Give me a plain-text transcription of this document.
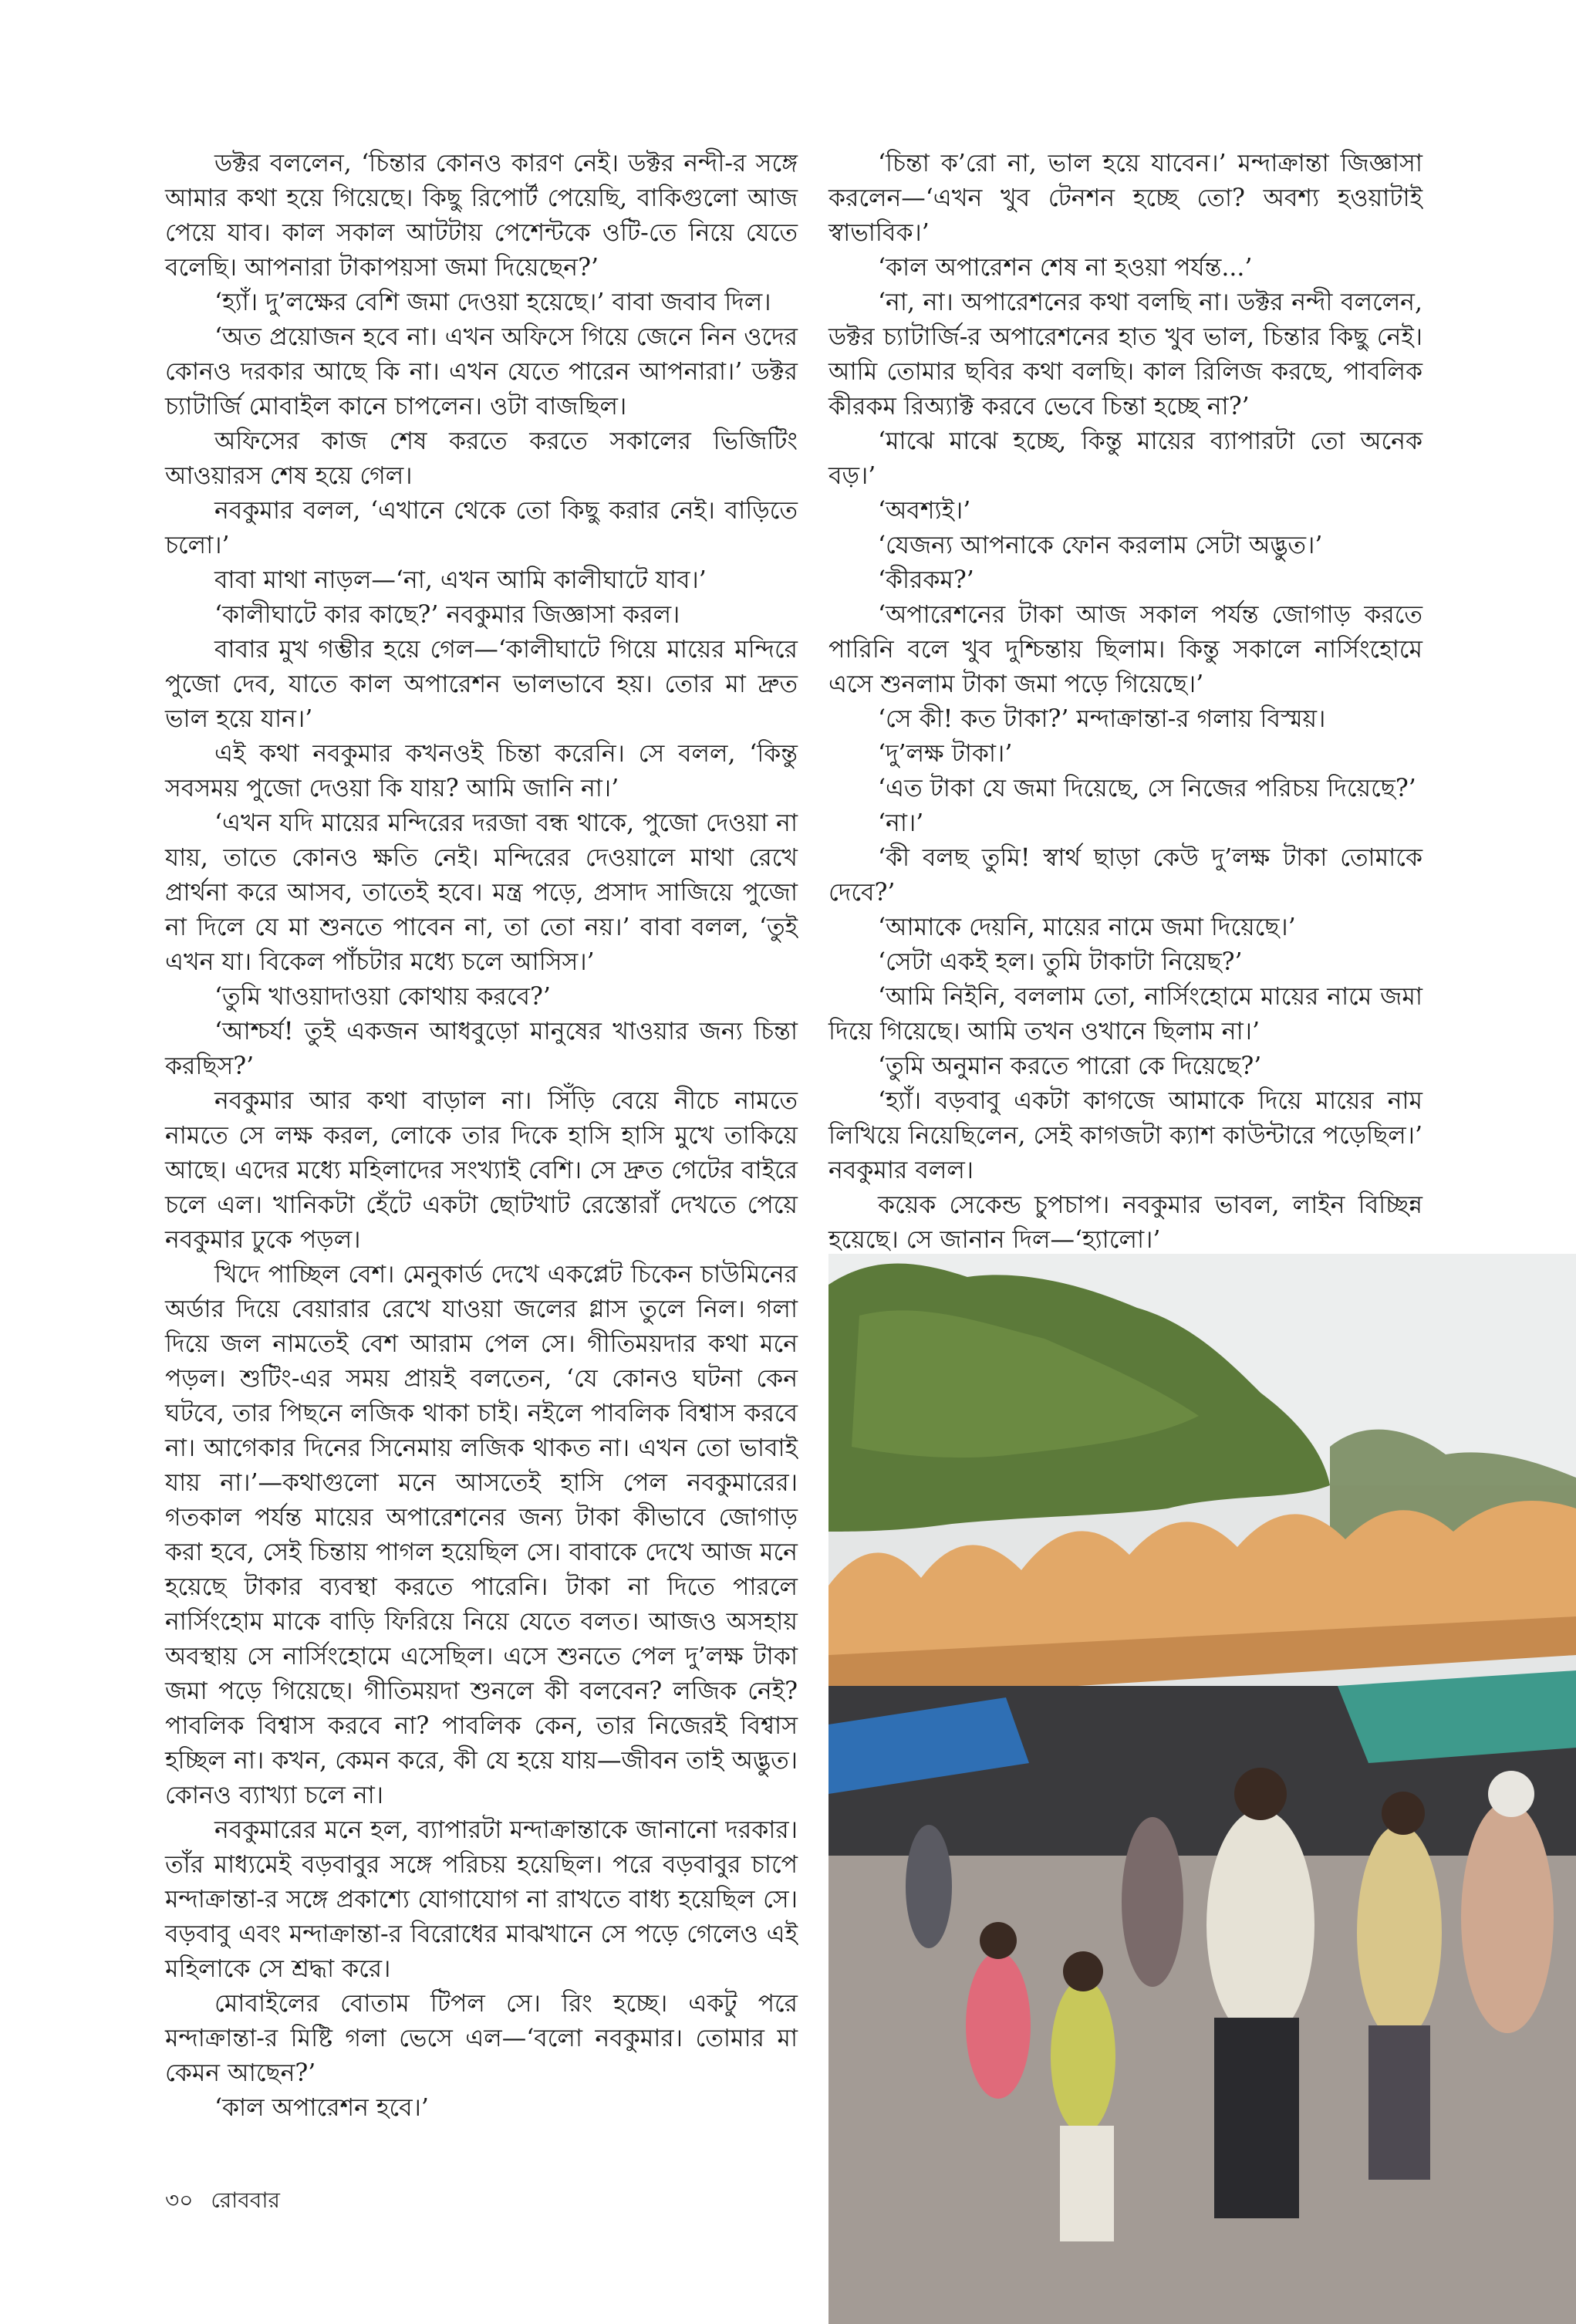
ডক্টর বললেন, ‘চিন্তার কোনও কারণ নেই। ডক্টর নন্দী-র সঙ্গে আমার কথা হয়ে গিয়েছে। কিছু রিপোর্ট পেয়েছি, বাকিগুলো আজ পেয়ে যাব। কাল সকাল আটটায় পেশেন্টকে ওটি-তে নিয়ে যেতে বলেছি। আপনারা টাকাপয়সা জমা দিয়েছেন?’

‘হ্যাঁ। দু’লক্ষের বেশি জমা দেওয়া হয়েছে।’ বাবা জবাব দিল।

‘অত প্রয়োজন হবে না। এখন অফিসে গিয়ে জেনে নিন ওদের কোনও দরকার আছে কি না। এখন যেতে পারেন আপনারা।’ ডক্টর চ্যাটার্জি মোবাইল কানে চাপলেন। ওটা বাজছিল।

অফিসের কাজ শেষ করতে করতে সকালের ভিজিটিং আওয়ারস শেষ হয়ে গেল।

নবকুমার বলল, ‘এখানে থেকে তো কিছু করার নেই। বাড়িতে চলো।’

বাবা মাথা নাড়ল—‘না, এখন আমি কালীঘাটে যাব।’

‘কালীঘাটে কার কাছে?’ নবকুমার জিজ্ঞাসা করল।

বাবার মুখ গম্ভীর হয়ে গেল—‘কালীঘাটে গিয়ে মায়ের মন্দিরে পুজো দেব, যাতে কাল অপারেশন ভালভাবে হয়। তোর মা দ্রুত ভাল হয়ে যান।’

এই কথা নবকুমার কখনওই চিন্তা করেনি। সে বলল, ‘কিন্তু সবসময় পুজো দেওয়া কি যায়? আমি জানি না।’

‘এখন যদি মায়ের মন্দিরের দরজা বন্ধ থাকে, পুজো দেওয়া না যায়, তাতে কোনও ক্ষতি নেই। মন্দিরের দেওয়ালে মাথা রেখে প্রার্থনা করে আসব, তাতেই হবে। মন্ত্র পড়ে, প্রসাদ সাজিয়ে পুজো না দিলে যে মা শুনতে পাবেন না, তা তো নয়।’ বাবা বলল, ‘তুই এখন যা। বিকেল পাঁচটার মধ্যে চলে আসিস।’

‘তুমি খাওয়াদাওয়া কোথায় করবে?’

‘আশ্চর্য! তুই একজন আধবুড়ো মানুষের খাওয়ার জন্য চিন্তা করছিস?’

নবকুমার আর কথা বাড়াল না। সিঁড়ি বেয়ে নীচে নামতে নামতে সে লক্ষ করল, লোকে তার দিকে হাসি হাসি মুখে তাকিয়ে আছে। এদের মধ্যে মহিলাদের সংখ্যাই বেশি। সে দ্রুত গেটের বাইরে চলে এল। খানিকটা হেঁটে একটা ছোটখাট রেস্তোরাঁ দেখতে পেয়ে নবকুমার ঢুকে পড়ল।

খিদে পাচ্ছিল বেশ। মেনুকার্ড দেখে একপ্লেট চিকেন চাউমিনের অর্ডার দিয়ে বেয়ারার রেখে যাওয়া জলের গ্লাস তুলে নিল। গলা দিয়ে জল নামতেই বেশ আরাম পেল সে। গীতিময়দার কথা মনে পড়ল। শুটিং-এর সময় প্রায়ই বলতেন, ‘যে কোনও ঘটনা কেন ঘটবে, তার পিছনে লজিক থাকা চাই। নইলে পাবলিক বিশ্বাস করবে না। আগেকার দিনের সিনেমায় লজিক থাকত না। এখন তো ভাবাই যায় না।’—কথাগুলো মনে আসতেই হাসি পেল নবকুমারের। গতকাল পর্যন্ত মায়ের অপারেশনের জন্য টাকা কীভাবে জোগাড় করা হবে, সেই চিন্তায় পাগল হয়েছিল সে। বাবাকে দেখে আজ মনে হয়েছে টাকার ব্যবস্থা করতে পারেনি। টাকা না দিতে পারলে নার্সিংহোম মাকে বাড়ি ফিরিয়ে নিয়ে যেতে বলত। আজও অসহায় অবস্থায় সে নার্সিংহোমে এসেছিল। এসে শুনতে পেল দু’লক্ষ টাকা জমা পড়ে গিয়েছে। গীতিময়দা শুনলে কী বলবেন? লজিক নেই? পাবলিক বিশ্বাস করবে না? পাবলিক কেন, তার নিজেরই বিশ্বাস হচ্ছিল না। কখন, কেমন করে, কী যে হয়ে যায়—জীবন তাই অদ্ভুত। কোনও ব্যাখ্যা চলে না।

নবকুমারের মনে হল, ব্যাপারটা মন্দাক্রান্তাকে জানানো দরকার। তাঁর মাধ্যমেই বড়বাবুর সঙ্গে পরিচয় হয়েছিল। পরে বড়বাবুর চাপে মন্দাক্রান্তা-র সঙ্গে প্রকাশ্যে যোগাযোগ না রাখতে বাধ্য হয়েছিল সে। বড়বাবু এবং মন্দাক্রান্তা-র বিরোধের মাঝখানে সে পড়ে গেলেও এই মহিলাকে সে শ্রদ্ধা করে।

মোবাইলের বোতাম টিপল সে। রিং হচ্ছে। একটু পরে মন্দাক্রান্তা-র মিষ্টি গলা ভেসে এল—‘বলো নবকুমার। তোমার মা কেমন আছেন?’

‘কাল অপারেশন হবে।’

‘চিন্তা ক’রো না, ভাল হয়ে যাবেন।’ মন্দাক্রান্তা জিজ্ঞাসা করলেন—‘এখন খুব টেনশন হচ্ছে তো? অবশ্য হওয়াটাই স্বাভাবিক।’

‘কাল অপারেশন শেষ না হওয়া পর্যন্ত...’

‘না, না। অপারেশনের কথা বলছি না। ডক্টর নন্দী বললেন, ডক্টর চ্যাটার্জি-র অপারেশনের হাত খুব ভাল, চিন্তার কিছু নেই। আমি তোমার ছবির কথা বলছি। কাল রিলিজ করছে, পাবলিক কীরকম রিঅ্যাক্ট করবে ভেবে চিন্তা হচ্ছে না?’

‘মাঝে মাঝে হচ্ছে, কিন্তু মায়ের ব্যাপারটা তো অনেক বড়।’

‘অবশ্যই।’

‘যেজন্য আপনাকে ফোন করলাম সেটা অদ্ভুত।’

‘কীরকম?’

‘অপারেশনের টাকা আজ সকাল পর্যন্ত জোগাড় করতে পারিনি বলে খুব দুশ্চিন্তায় ছিলাম। কিন্তু সকালে নার্সিংহোমে এসে শুনলাম টাকা জমা পড়ে গিয়েছে।’

‘সে কী! কত টাকা?’ মন্দাক্রান্তা-র গলায় বিস্ময়।

‘দু’লক্ষ টাকা।’

‘এত টাকা যে জমা দিয়েছে, সে নিজের পরিচয় দিয়েছে?’

‘না।’

‘কী বলছ তুমি! স্বার্থ ছাড়া কেউ দু’লক্ষ টাকা তোমাকে দেবে?’

‘আমাকে দেয়নি, মায়ের নামে জমা দিয়েছে।’

‘সেটা একই হল। তুমি টাকাটা নিয়েছ?’

‘আমি নিইনি, বললাম তো, নার্সিংহোমে মায়ের নামে জমা দিয়ে গিয়েছে। আমি তখন ওখানে ছিলাম না।’

‘তুমি অনুমান করতে পারো কে দিয়েছে?’

‘হ্যাঁ। বড়বাবু একটা কাগজে আমাকে দিয়ে মায়ের নাম লিখিয়ে নিয়েছিলেন, সেই কাগজটা ক্যাশ কাউন্টারে পড়েছিল।’ নবকুমার বলল।

কয়েক সেকেন্ড চুপচাপ। নবকুমার ভাবল, লাইন বিচ্ছিন্ন হয়েছে। সে জানান দিল—‘হ্যালো।’

৩০ রোববার
